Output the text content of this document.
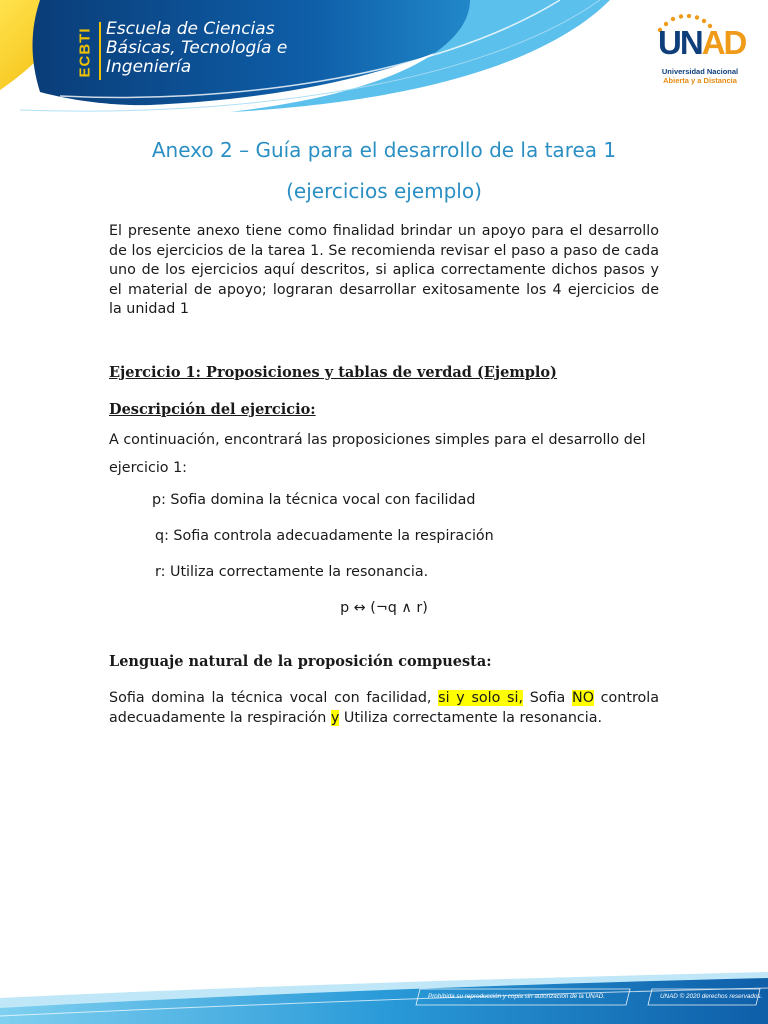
ECBTI Escuela de Ciencias
Básicas, Tecnología e
Ingeniería
UNAD
Universidad Nacional
Abierta y a Distancia
Anexo 2 – Guía para el desarrollo de la tarea 1
(ejercicios ejemplo)
El presente anexo tiene como finalidad brindar un apoyo para el desarrollo de los ejercicios de la tarea 1. Se recomienda revisar el paso a paso de cada uno de los ejercicios aquí descritos, si aplica correctamente dichos pasos y el material de apoyo; lograran desarrollar exitosamente los 4 ejercicios de la unidad 1
Ejercicio 1: Proposiciones y tablas de verdad (Ejemplo)
Descripción del ejercicio:
A continuación, encontrará las proposiciones simples para el desarrollo del ejercicio 1:
p: Sofia domina la técnica vocal con facilidad
q: Sofia controla adecuadamente la respiración
r: Utiliza correctamente la resonancia.
p ↔ (¬q ∧ r)
Lenguaje natural de la proposición compuesta:
Sofia domina la técnica vocal con facilidad, si y solo si, Sofia NO controla adecuadamente la respiración y Utiliza correctamente la resonancia.
Prohibida su reproducción y copia sin autorización de la UNAD.	UNAD © 2020 derechos reservados.
